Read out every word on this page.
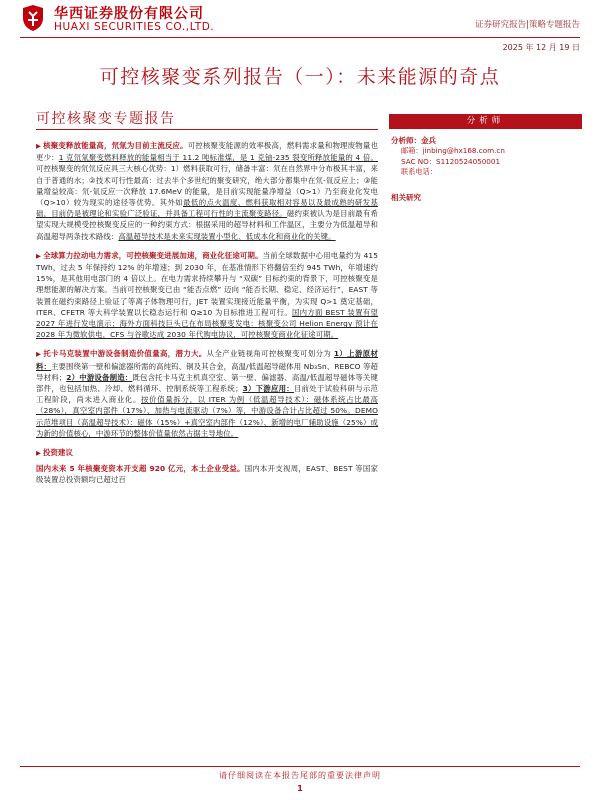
华西证券股份有限公司
HUAXI SECURITIES CO.,LTD.	证券研究报告|策略专题报告
2025 年 12 月 19 日
可控核聚变系列报告（一）：未来能源的奇点
可控核聚变专题报告

▶ 核聚变释放能量高，氘氚为目前主流反应。可控核聚变能源的效率极高，燃料需求量和物理废物量也更少：1 克氘氚聚变燃料释放的能量相当于 11.2 吨标准煤，是 1 克铀-235 裂变所释放能量的 4 倍。可控核聚变的氘氘反应具三大核心优势：1）燃料获取可行，储备丰富：氘在自然界中分布极其丰富，来自于普通的水；②技术可行性最高：过去半个多世纪的聚变研究，绝大部分都集中在氘-氚反应上；③能量增益较高：氘-氚反应一次释放 17.6MeV 的能量，是目前实现能量净增益（Q>1）乃至商业化发电（Q>10）较为现实的途径等优势。其外如最低的点火温度、燃料获取相对容易以及最成熟的研发基础，目前仍是被理论和实验广泛验证，并具备工程可行性的主流聚变路径。磁约束被认为是目前最有希望实现大规模受控核聚变反应的一种约束方式：根据采用的超导材料和工作温区，主要分为低温超导和高温超导两条技术路线：高温超导技术是未来实现装置小型化、低成本化和商业化的关键。

▶ 全球算力拉动电力需求，可控核聚变进展加速，商业化征途可期。当前全球数据中心用电量约为 415 TWh，过去 5 年保持约 12% 的年增速；到 2030 年，在基准情形下将翻倍至约 945 TWh，年增速约 15%，是其他用电部门的 4 倍以上。在电力需求持续攀升与 “双碳” 目标约束的背景下，可控核聚变是理想能源的解决方案。当前可控核聚变已由 “能否点燃” 迈向 “能否长期、稳定、经济运行”，EAST 等装置在磁约束路径上验证了等离子体物理可行，JET 装置实现接近能量平衡，为实现 Q>1 奠定基础，ITER、CFETR 等大科学装置以长稳态运行和 Q≥10 为目标推进工程可行。国内方面 BEST 装置有望 2027 年进行发电演示；海外方面科技巨头已在布局核聚变发电：核聚变公司 Helion Energy 预计在 2028 年为微软供电，CFS 与谷歌达成 2030 年代购电协议，可控核聚变商业化征途可期。

▶ 托卡马克装置中游设备制造价值量高，潜力大。从全产业链视角可控核聚变可划分为 1）上游原材料：主要围绕第一壁和偏滤器所需的高纯钨、铜及其合金，高温/低温超导磁体用 Nb₃Sn、REBCO 等超导材料；2）中游设备制造：既包含托卡马克主机真空室、第一壁、偏滤器、高温/低温超导磁体等关键部件，也包括加热、冷却、燃料循环、控制系统等工程系统；3）下游应用：目前处于试验科研与示范工程阶段，尚未进入商业化。按价值量拆分，以 ITER 为例（低温超导技术）：磁体系统占比最高（28%），真空室内部件（17%）、加热与电流驱动（7%）等，中游设备合计占比超过 50%。DEMO 示范堆项目（高温超导技术）：磁体（15%）+真空室内部件（12%）、新增的电厂辅助设施（25%）成为新的价值核心，中游环节的整体价值量依然占据主导地位。

▶ 投资建议

国内未来 5 年核聚变资本开支超 920 亿元，本土企业受益。国内本开支视周，EAST、BEST 等国家级装置总投资额均已超过百

分析师
分析师：金兵
邮箱：jinbing@hx168.com.cn
SAC NO：S1120524050001
联系电话：
相关研究
请仔细阅读在本报告尾部的重要法律声明
1
